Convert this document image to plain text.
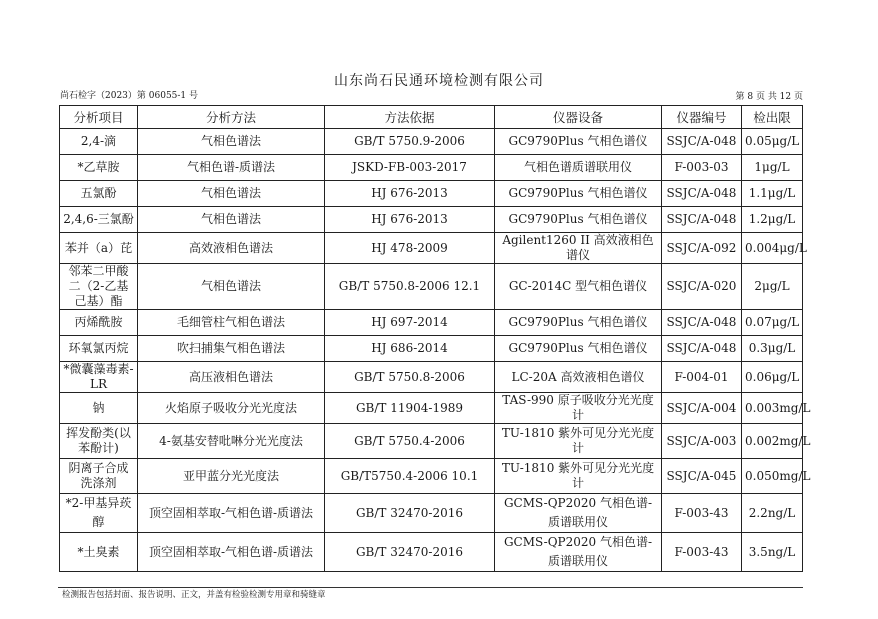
山东尚石民通环境检测有限公司
尚石检字（2023）第 06055-1 号	第 8 页 共 12 页
分析项目	分析方法	方法依据	仪器设备	仪器编号	检出限
2,4-滴	气相色谱法	GB/T 5750.9-2006	GC9790Plus 气相色谱仪	SSJC/A-048	0.05μg/L
*乙草胺	气相色谱-质谱法	JSKD-FB-003-2017	气相色谱质谱联用仪	F-003-03	1μg/L
五氯酚	气相色谱法	HJ 676-2013	GC9790Plus 气相色谱仪	SSJC/A-048	1.1μg/L
2,4,6-三氯酚	气相色谱法	HJ 676-2013	GC9790Plus 气相色谱仪	SSJC/A-048	1.2μg/L
苯并（a）芘	高效液相色谱法	HJ 478-2009	Agilent1260 II 高效液相色谱仪	SSJC/A-092	0.004μg/L
邻苯二甲酸二（2-乙基己基）酯	气相色谱法	GB/T 5750.8-2006 12.1	GC-2014C 型气相色谱仪	SSJC/A-020	2μg/L
丙烯酰胺	毛细管柱气相色谱法	HJ 697-2014	GC9790Plus 气相色谱仪	SSJC/A-048	0.07μg/L
环氧氯丙烷	吹扫捕集气相色谱法	HJ 686-2014	GC9790Plus 气相色谱仪	SSJC/A-048	0.3μg/L
*微囊藻毒素-LR	高压液相色谱法	GB/T 5750.8-2006	LC-20A 高效液相色谱仪	F-004-01	0.06μg/L
钠	火焰原子吸收分光光度法	GB/T 11904-1989	TAS-990 原子吸收分光光度计	SSJC/A-004	0.003mg/L
挥发酚类(以苯酚计)	4-氨基安替吡啉分光光度法	GB/T 5750.4-2006	TU-1810 紫外可见分光光度计	SSJC/A-003	0.002mg/L
阴离子合成洗涤剂	亚甲蓝分光光度法	GB/T5750.4-2006 10.1	TU-1810 紫外可见分光光度计	SSJC/A-045	0.050mg/L
*2-甲基异莰醇	顶空固相萃取-气相色谱-质谱法	GB/T 32470-2016	GCMS-QP2020 气相色谱-质谱联用仪	F-003-43	2.2ng/L
*土臭素	顶空固相萃取-气相色谱-质谱法	GB/T 32470-2016	GCMS-QP2020 气相色谱-质谱联用仪	F-003-43	3.5ng/L
检测报告包括封面、报告说明、正文，并盖有检验检测专用章和骑缝章
